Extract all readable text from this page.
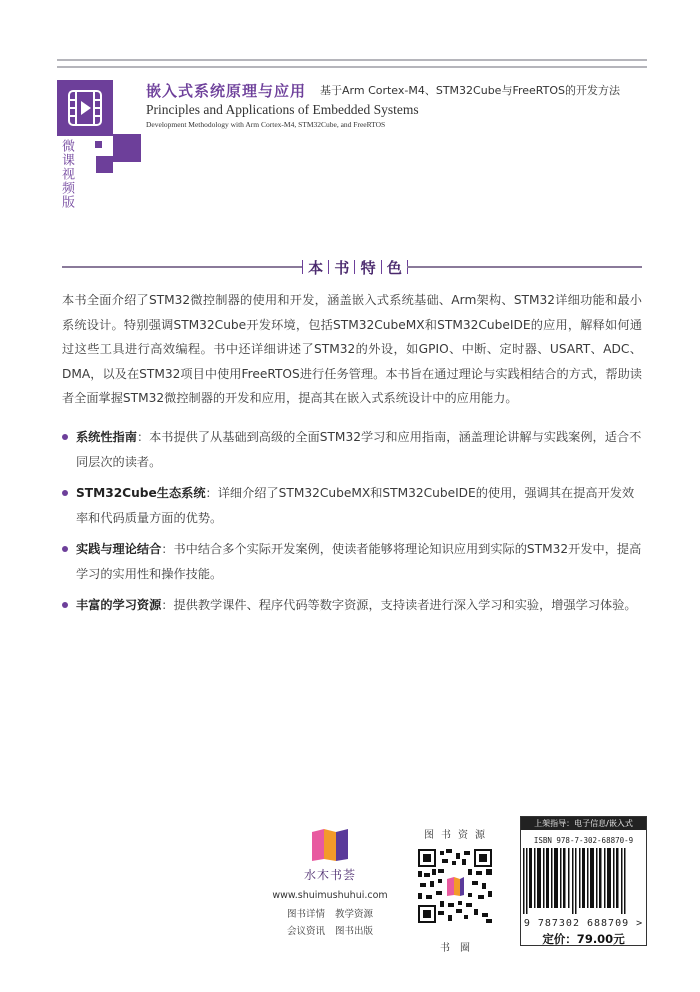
微课视频版
嵌入式系统原理与应用 基于Arm Cortex-M4、STM32Cube与FreeRTOS的开发方法
Principles and Applications of Embedded Systems
Development Methodology with Arm Cortex-M4, STM32Cube, and FreeRTOS
本 书 特 色

本书全面介绍了STM32微控制器的使用和开发，涵盖嵌入式系统基础、Arm架构、STM32详细功能和最小系统设计。特别强调STM32Cube开发环境，包括STM32CubeMX和STM32CubeIDE的应用，解释如何通过这些工具进行高效编程。书中还详细讲述了STM32的外设，如GPIO、中断、定时器、USART、ADC、DMA，以及在STM32项目中使用FreeRTOS进行任务管理。本书旨在通过理论与实践相结合的方式，帮助读者全面掌握STM32微控制器的开发和应用，提高其在嵌入式系统设计中的应用能力。

系统性指南：本书提供了从基础到高级的全面STM32学习和应用指南，涵盖理论讲解与实践案例，适合不同层次的读者。
STM32Cube生态系统：详细介绍了STM32CubeMX和STM32CubeIDE的使用，强调其在提高开发效率和代码质量方面的优势。
实践与理论结合：书中结合多个实际开发案例，使读者能够将理论知识应用到实际的STM32开发中，提高学习的实用性和操作技能。
丰富的学习资源：提供教学课件、程序代码等数字资源，支持读者进行深入学习和实验，增强学习体验。
水木书荟
www.shuimushuhui.com
图书详情 教学资源
会议资讯 图书出版
图书资源
书圈
上架指导：电子信息/嵌入式
ISBN 978-7-302-68870-9
9 787302 688709 >
定价：79.00元
